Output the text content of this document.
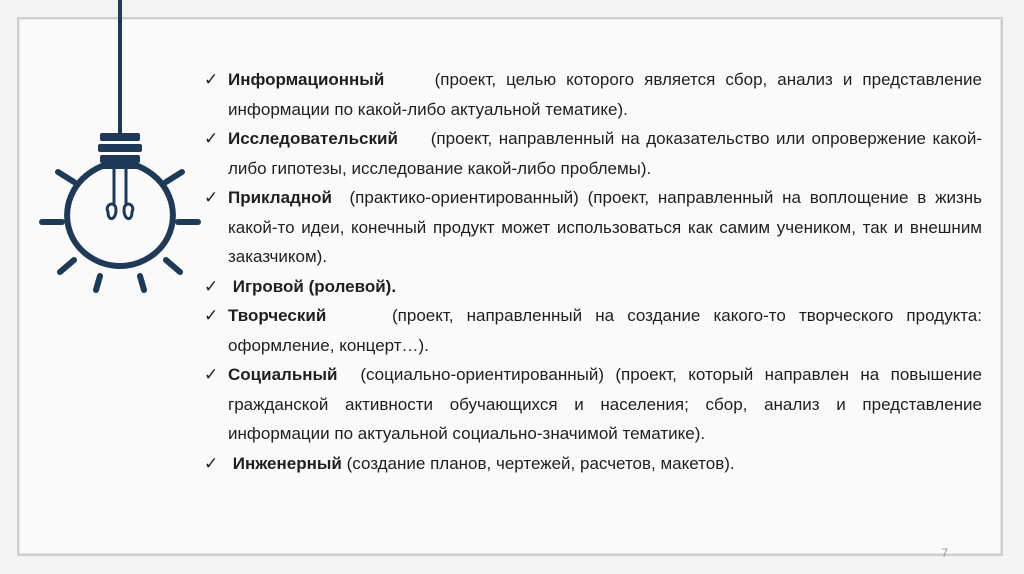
✓ Информационный	(проект, целью которого является сбор, анализ и представление информации по какой-либо актуальной тематике).
✓ Исследовательский (проект, направленный на доказательство или опровержение какой-либо гипотезы, исследование какой-либо проблемы).
✓ Прикладной (практико-ориентированный) (проект, направленный на воплощение в жизнь какой-то идеи, конечный продукт может использоваться как самим учеником, так и внешним заказчиком).
✓ Игровой (ролевой).
✓ Творческий	(проект, направленный на создание какого-то творческого продукта: оформление, концерт…).
✓ Социальный (социально-ориентированный) (проект, который направлен на повышение гражданской активности обучающихся и населения; сбор, анализ и представление информации по актуальной социально-значимой тематике).
✓ Инженерный (создание планов, чертежей, расчетов, макетов).
7
